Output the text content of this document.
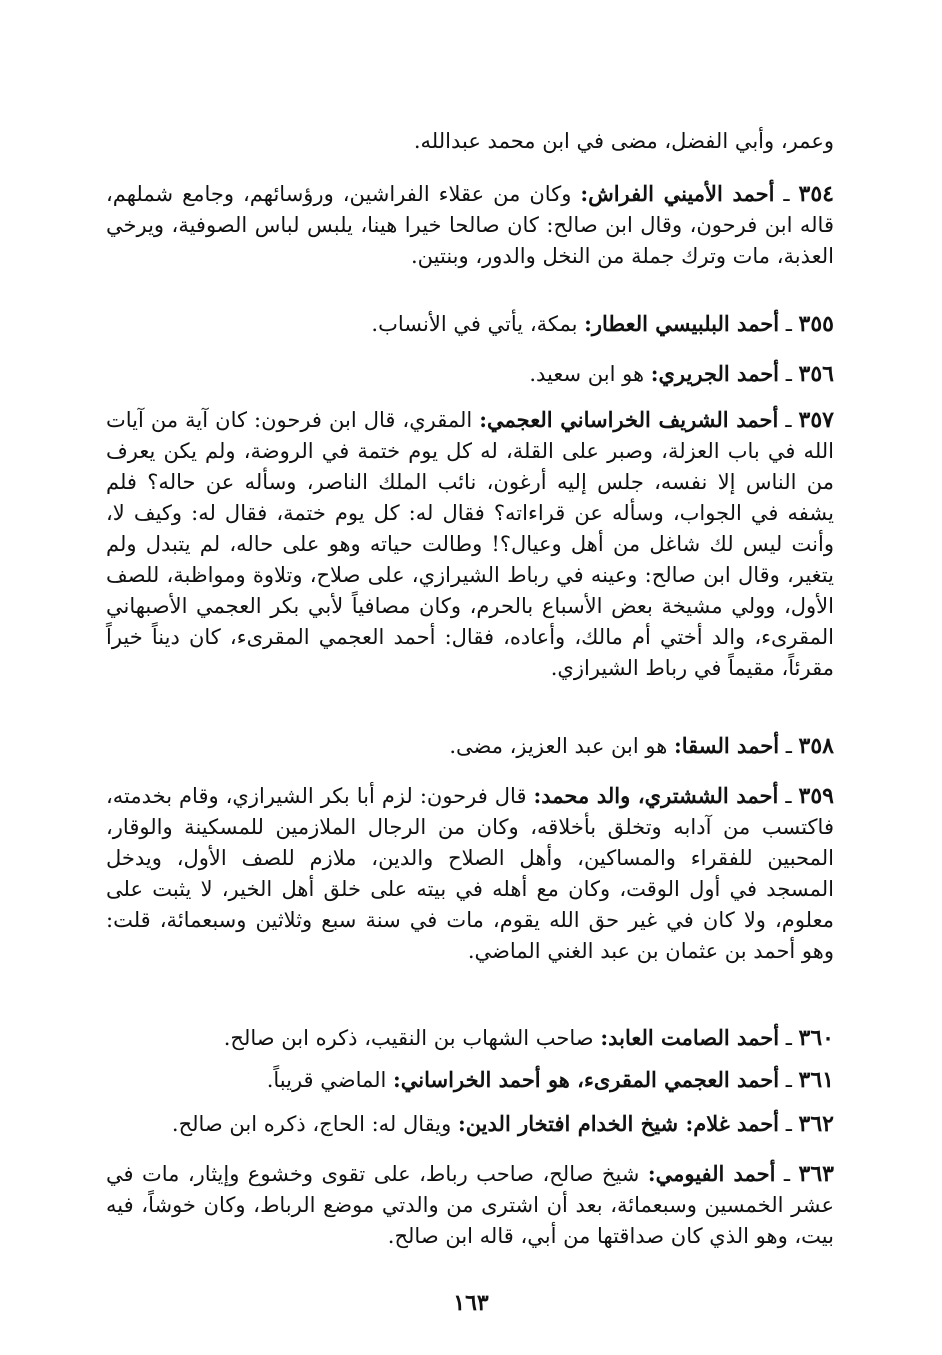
وعمر، وأبي الفضل، مضى في ابن محمد عبدالله.
٣٥٤ ـ أحمد الأميني الفراش: وكان من عقلاء الفراشين، ورؤسائهم، وجامع شملهم، قاله ابن فرحون، وقال ابن صالح: كان صالحا خيرا هينا، يلبس لباس الصوفية، ويرخي العذبة، مات وترك جملة من النخل والدور، وبنتين.
٣٥٥ ـ أحمد البلبيسي العطار: بمكة، يأتي في الأنساب.
٣٥٦ ـ أحمد الجريري: هو ابن سعيد.
٣٥٧ ـ أحمد الشريف الخراساني العجمي: المقري، قال ابن فرحون: كان آية من آيات الله في باب العزلة، وصبر على القلة، له كل يوم ختمة في الروضة، ولم يكن يعرف من الناس إلا نفسه، جلس إليه أرغون، نائب الملك الناصر، وسأله عن حاله؟ فلم يشفه في الجواب، وسأله عن قراءاته؟ فقال له: كل يوم ختمة، فقال له: وكيف لا، وأنت ليس لك شاغل من أهل وعيال؟! وطالت حياته وهو على حاله، لم يتبدل ولم يتغير، وقال ابن صالح: وعينه في رباط الشيرازي، على صلاح، وتلاوة ومواظبة، للصف الأول، وولي مشيخة بعض الأسباع بالحرم، وكان مصافياً لأبي بكر العجمي الأصبهاني المقرىء، والد أختي أم مالك، وأعاده، فقال: أحمد العجمي المقرىء، كان ديناً خيراً مقرئاً، مقيماً في رباط الشيرازي.
٣٥٨ ـ أحمد السقا: هو ابن عبد العزيز، مضى.
٣٥٩ ـ أحمد الششتري، والد محمد: قال فرحون: لزم أبا بكر الشيرازي، وقام بخدمته، فاكتسب من آدابه وتخلق بأخلاقه، وكان من الرجال الملازمين للمسكينة والوقار، المحبين للفقراء والمساكين، وأهل الصلاح والدين، ملازم للصف الأول، ويدخل المسجد في أول الوقت، وكان مع أهله في بيته على خلق أهل الخير، لا يثبت على معلوم، ولا كان في غير حق الله يقوم، مات في سنة سبع وثلاثين وسبعمائة، قلت: وهو أحمد بن عثمان بن عبد الغني الماضي.
٣٦٠ ـ أحمد الصامت العابد: صاحب الشهاب بن النقيب، ذكره ابن صالح.
٣٦١ ـ أحمد العجمي المقرىء، هو أحمد الخراساني: الماضي قريباً.
٣٦٢ ـ أحمد غلام: شيخ الخدام افتخار الدين: ويقال له: الحاج، ذكره ابن صالح.
٣٦٣ ـ أحمد الفيومي: شيخ صالح، صاحب رباط، على تقوى وخشوع وإيثار، مات في عشر الخمسين وسبعمائة، بعد أن اشترى من والدتي موضع الرباط، وكان خوشاً، فيه بيت، وهو الذي كان صداقتها من أبي، قاله ابن صالح.
١٦٣
